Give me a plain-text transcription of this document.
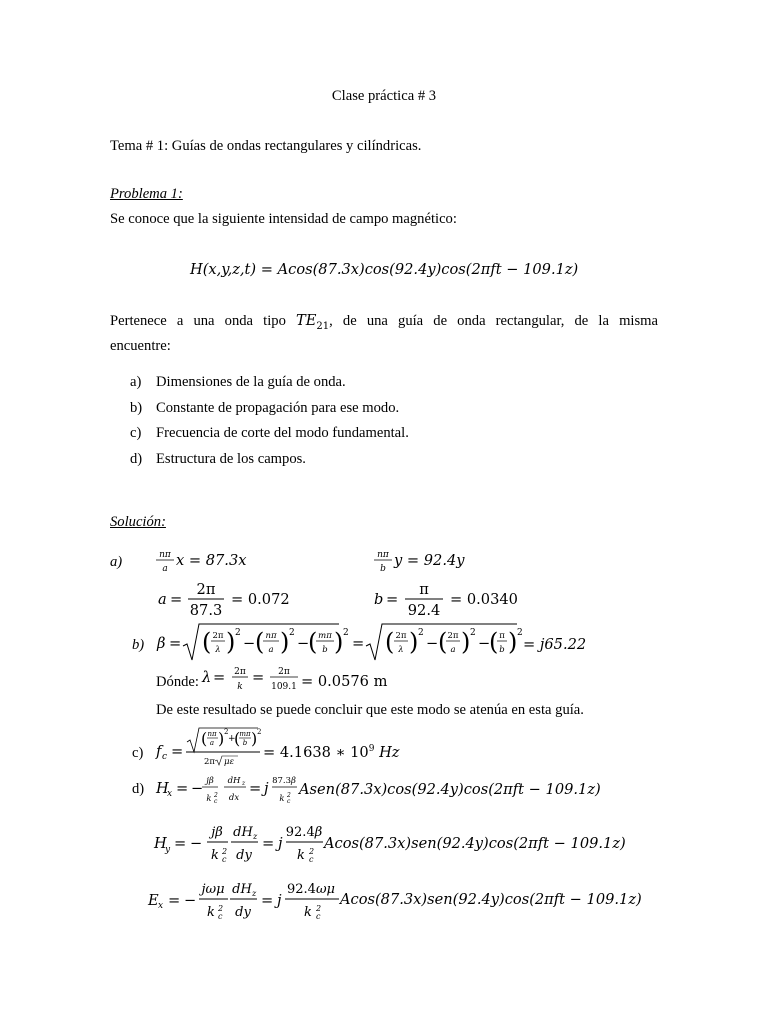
Clase práctica # 3
Tema # 1: Guías de ondas rectangulares y cilíndricas.
Problema 1:
Se conoce que la siguiente intensidad de campo magnético:
H(x,y,z,t) = Acos(87.3x)cos(92.4y)cos(2πft − 109.1z)
Pertenece a una onda tipo $TE_{21}$, de una guía de onda rectangular, de la misma
encuentre:
a) Dimensiones de la guía de onda.
b) Constante de propagación para ese modo.
c) Frecuencia de corte del modo fundamental.
d) Estructura de los campos.
Solución:
a)	nπ
a x = 87.3x	nπ
b y = 92.4y
a =
2π
87.3
= 0.072	b =
π
92.4
= 0.0340
b) β = ( 2π
λ ) 2
− ( nπ
a ) 2
−
( mπ
b ) 2
= ( 2π
λ ) 2
− ( 2π
a ) 2
−
( π
b ) 2
= j65.22
Dónde: λ = 2π
k
= 2π
109.1 = 0.0576 m
De este resultado se puede concluir que este modo se atenúa en esta guía.
c) f c =
( nπ
a ) 2
+
( mπ
b ) 2
2π με
= 4.1638 ∗ $10^9$ Hz
d) H
x = − jβ
k 2
c
dH z
dx
= j 87.3β
k 2
c
Asen(87.3x)cos(92.4y)cos(2πft − 109.1z)
H
y = −
jβ
k 2
c
dH z
dy
= j
92.4β
k 2
c
Acos(87.3x)sen(92.4y)cos(2πft − 109.1z)
E x = −
jωμ
k 2
c
dH z
dy
= j
92.4ωμ
k 2
c
Acos(87.3x)sen(92.4y)cos(2πft − 109.1z)
